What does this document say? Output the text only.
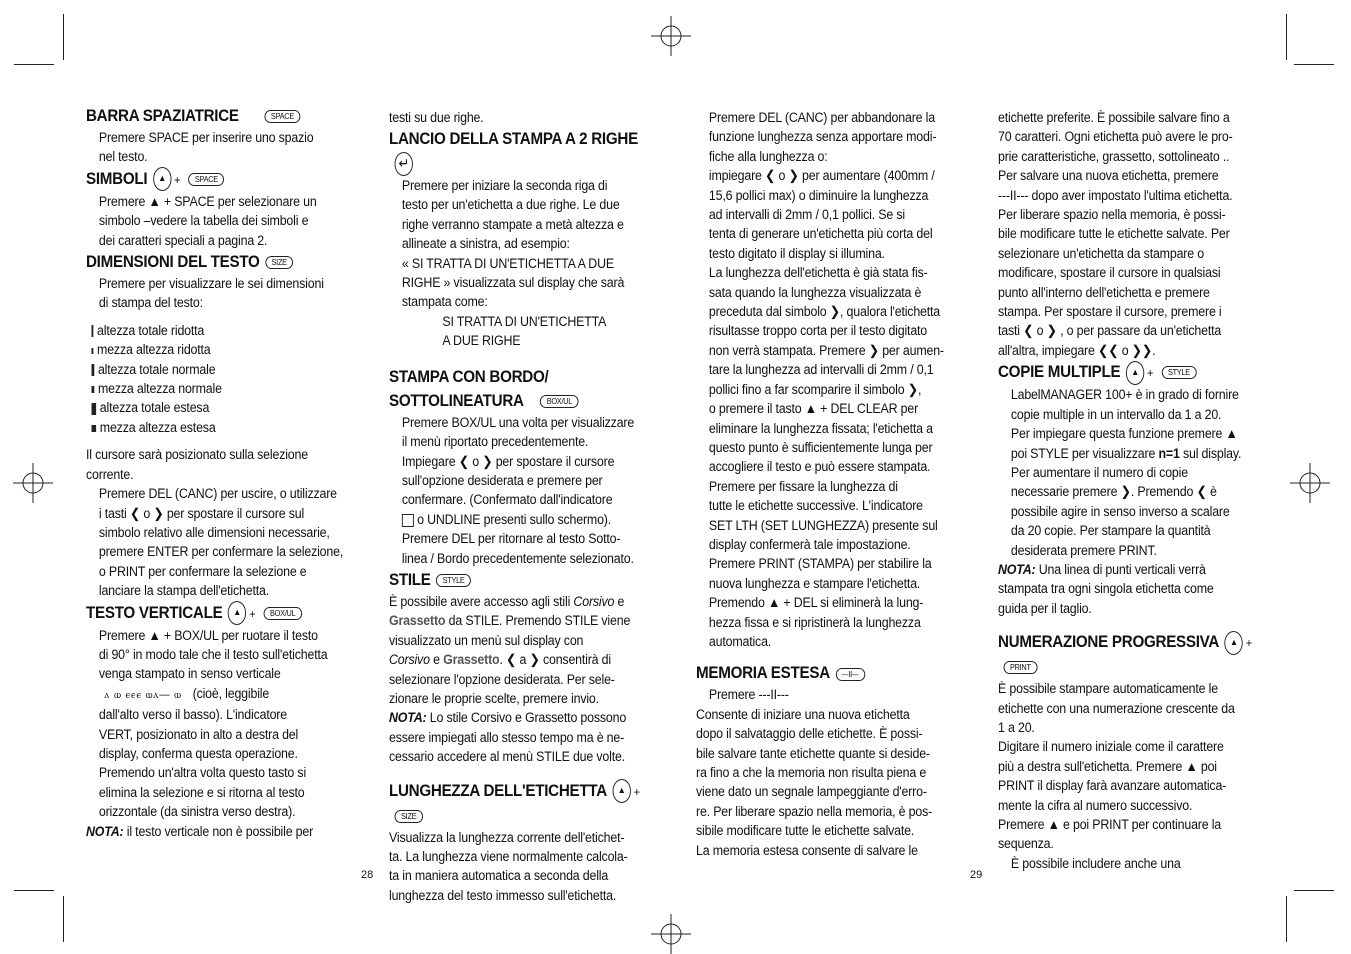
BARRA SPAZIATRICE	SPACE

Premere SPACE per inserire uno spazio

nel testo.

SIMBOLI ▲ + SPACE

Premere ▲ + SPACE per selezionare un

simbolo –vedere la tabella dei simboli e

dei caratteri speciali a pagina 2.

DIMENSIONI DEL TESTO SIZE

Premere per visualizzare le sei dimensioni

di stampa del testo:

altezza totale ridotta

mezza altezza ridotta

altezza totale normale

mezza altezza normale

altezza totale estesa

mezza altezza estesa

Il cursore sarà posizionato sulla selezione

corrente.

Premere DEL (CANC) per uscire, o utilizzare

i tasti ❮ o ❯ per spostare il cursore sul

simbolo relativo alle dimensioni necessarie,

premere ENTER per confermare la selezione,

o PRINT per confermare la selezione e

lanciare la stampa dell'etichetta.

TESTO VERTICALE ▲ + BOX/UL

Premere ▲ + BOX/UL per ruotare il testo

di 90° in modo tale che il testo sull'etichetta

venga stampato in senso verticale

ⲁ ⲱ ⲉⲉⲉ ⲱⲁ— ⲱ (cioè, leggibile

dall'alto verso il basso). L'indicatore

VERT, posizionato in alto a destra del

display, conferma questa operazione.

Premendo un'altra volta questo tasto si

elimina la selezione e si ritorna al testo

orizzontale (da sinistra verso destra).

NOTA: il testo verticale non è possibile per

testi su due righe.

LANCIO DELLA STAMPA A 2 RIGHE↵

Premere per iniziare la seconda riga di

testo per un'etichetta a due righe. Le due

righe verranno stampate a metà altezza e

allineate a sinistra, ad esempio:

« SI TRATTA DI UN'ETICHETTA A DUE

RIGHE » visualizzata sul display che sarà

stampata come:

SI TRATTA DI UN'ETICHETTA

A DUE RIGHE

STAMPA CON BORDO/

SOTTOLINEATURA	BOX/UL

Premere BOX/UL una volta per visualizzare

il menù riportato precedentemente.

Impiegare ❮ o ❯ per spostare il cursore

sull'opzione desiderata e premere per

confermare. (Confermato dall'indicatore

o UNDLINE presenti sullo schermo).

Premere DEL per ritornare al testo Sotto-

linea / Bordo precedentemente selezionato.

STILE STYLE

È possibile avere accesso agli stili Corsivo e

Grassetto da STILE. Premendo STILE viene

visualizzato un menù sul display con

Corsivo e Grassetto. ❮ a ❯ consentirà di

selezionare l'opzione desiderata. Per sele-

zionare le proprie scelte, premere invio.

NOTA: Lo stile Corsivo e Grassetto possono

essere impiegati allo stesso tempo ma è ne-

cessario accedere al menù STILE due volte.

LUNGHEZZA DELL'ETICHETTA ▲ +SIZE

Visualizza la lunghezza corrente dell'etichet-

ta. La lunghezza viene normalmente calcola-

ta in maniera automatica a seconda della

lunghezza del testo immesso sull'etichetta.

Premere DEL (CANC) per abbandonare la

funzione lunghezza senza apportare modi-

fiche alla lunghezza o:

impiegare ❮ o ❯ per aumentare (400mm /

15,6 pollici max) o diminuire la lunghezza

ad intervalli di 2mm / 0,1 pollici. Se si

tenta di generare un'etichetta più corta del

testo digitato il display si illumina.

La lunghezza dell'etichetta è già stata fis-

sata quando la lunghezza visualizzata è

preceduta dal simbolo ❯, qualora l'etichetta

risultasse troppo corta per il testo digitato

non verrà stampata. Premere ❯ per aumen-

tare la lunghezza ad intervalli di 2mm / 0,1

pollici fino a far scomparire il simbolo ❯,

o premere il tasto ▲ + DEL CLEAR per

eliminare la lunghezza fissata; l'etichetta a

questo punto è sufficientemente lunga per

accogliere il testo e può essere stampata.

Premere per fissare la lunghezza di

tutte le etichette successive. L'indicatore

SET LTH (SET LUNGHEZZA) presente sul

display confermerà tale impostazione.

Premere PRINT (STAMPA) per stabilire la

nuova lunghezza e stampare l'etichetta.

Premendo ▲ + DEL si eliminerà la lung-

hezza fissa e si ripristinerà la lunghezza

automatica.

MEMORIA ESTESA ---II---

Premere ---II---

Consente di iniziare una nuova etichetta

dopo il salvataggio delle etichette. È possi-

bile salvare tante etichette quante si deside-

ra fino a che la memoria non risulta piena e

viene dato un segnale lampeggiante d'erro-

re. Per liberare spazio nella memoria, è pos-

sibile modificare tutte le etichette salvate.

La memoria estesa consente di salvare le

etichette preferite. È possibile salvare fino a

70 caratteri. Ogni etichetta può avere le pro-

prie caratteristiche, grassetto, sottolineato ..

Per salvare una nuova etichetta, premere

---II--- dopo aver impostato l'ultima etichetta.

Per liberare spazio nella memoria, è possi-

bile modificare tutte le etichette salvate. Per

selezionare un'etichetta da stampare o

modificare, spostare il cursore in qualsiasi

punto all'interno dell'etichetta e premere

stampa. Per spostare il cursore, premere i

tasti ❮ o ❯ , o per passare da un'etichetta

all'altra, impiegare ❮❮ o ❯❯.

COPIE MULTIPLE ▲ + STYLE

LabelMANAGER 100+ è in grado di fornire

copie multiple in un intervallo da 1 a 20.

Per impiegare questa funzione premere ▲

poi STYLE per visualizzare n=1 sul display.

Per aumentare il numero di copie

necessarie premere ❯. Premendo ❮ è

possibile agire in senso inverso a scalare

da 20 copie. Per stampare la quantità

desiderata premere PRINT.

NOTA: Una linea di punti verticali verrà

stampata tra ogni singola etichetta come

guida per il taglio.

NUMERAZIONE PROGRESSIVA ▲ +PRINT

È possibile stampare automaticamente le

etichette con una numerazione crescente da

1 a 20.

Digitare il numero iniziale come il carattere

più a destra sull'etichetta. Premere ▲ poi

PRINT il display farà avanzare automatica-

mente la cifra al numero successivo.

Premere ▲ e poi PRINT per continuare la

sequenza.

È possibile includere anche una

28	29
